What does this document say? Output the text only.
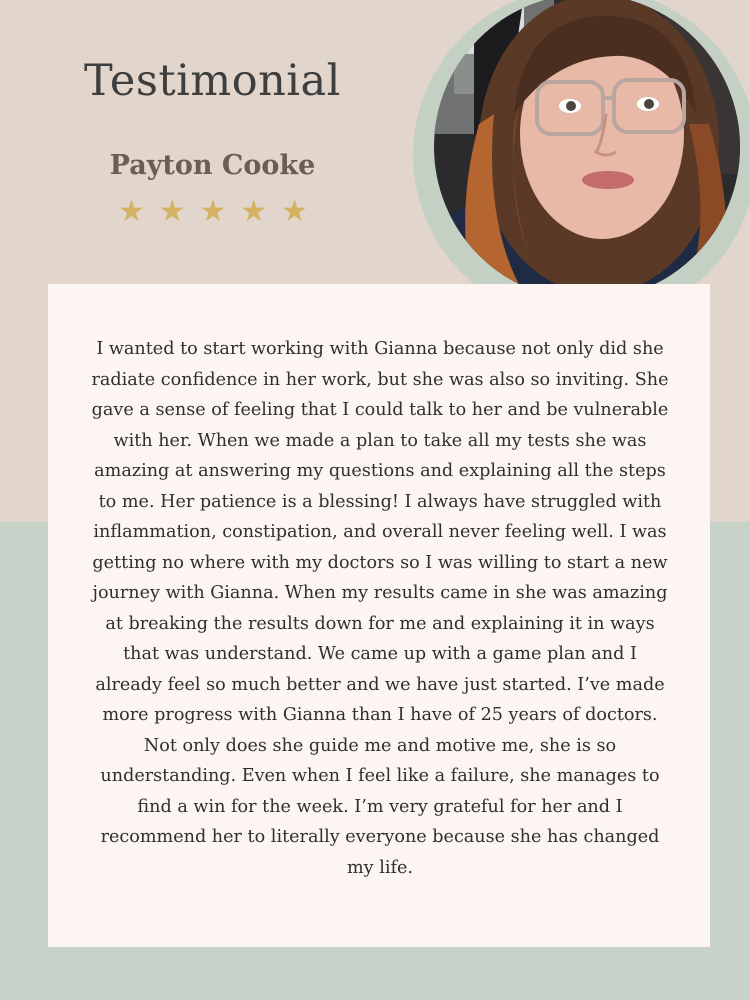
Testimonial
Payton Cooke
★ ★ ★ ★ ★

I wanted to start working with Gianna because not only did she radiate confidence in her work, but she was also so inviting. She gave a sense of feeling that I could talk to her and be vulnerable with her. When we made a plan to take all my tests she was amazing at answering my questions and explaining all the steps to me. Her patience is a blessing! I always have struggled with inflammation, constipation, and overall never feeling well. I was getting no where with my doctors so I was willing to start a new journey with Gianna. When my results came in she was amazing at breaking the results down for me and explaining it in ways that was understand. We came up with a game plan and I already feel so much better and we have just started. I’ve made more progress with Gianna than I have of 25 years of doctors. Not only does she guide me and motive me, she is so understanding. Even when I feel like a failure, she manages to find a win for the week. I’m very grateful for her and I recommend her to literally everyone because she has changed my life.
